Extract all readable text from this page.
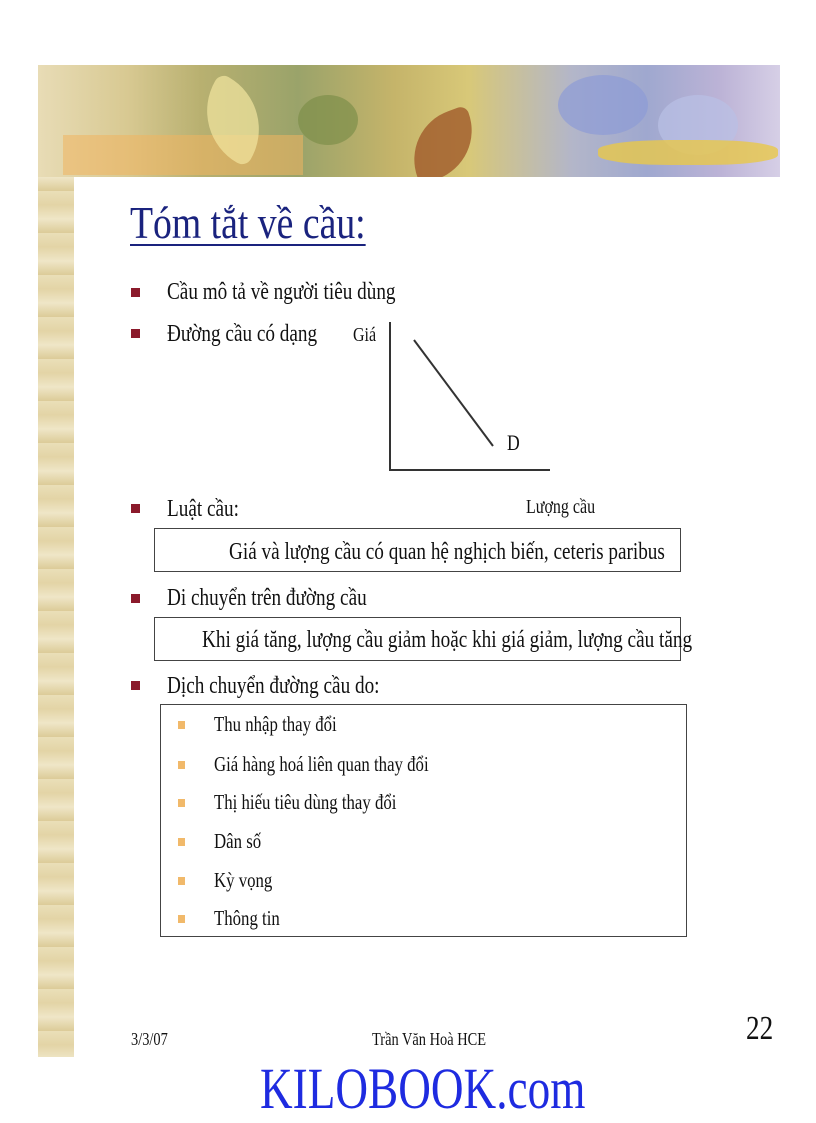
Tóm tắt về cầu:
Cầu mô tả về người tiêu dùng
Đường cầu có dạng Giá
D
Luật cầu:	Lượng cầu
Giá và lượng cầu có quan hệ nghịch biến, ceteris paribus
Di chuyển trên đường cầu
Khi giá tăng, lượng cầu giảm hoặc khi giá giảm, lượng cầu tăng
Dịch chuyển đường cầu do:
Thu nhập thay đổi
Giá hàng hoá liên quan thay đổi
Thị hiếu tiêu dùng thay đổi
Dân số
Kỳ vọng
Thông tin
3/3/07	Trần Văn Hoà HCE	22
KILOBOOK.com
